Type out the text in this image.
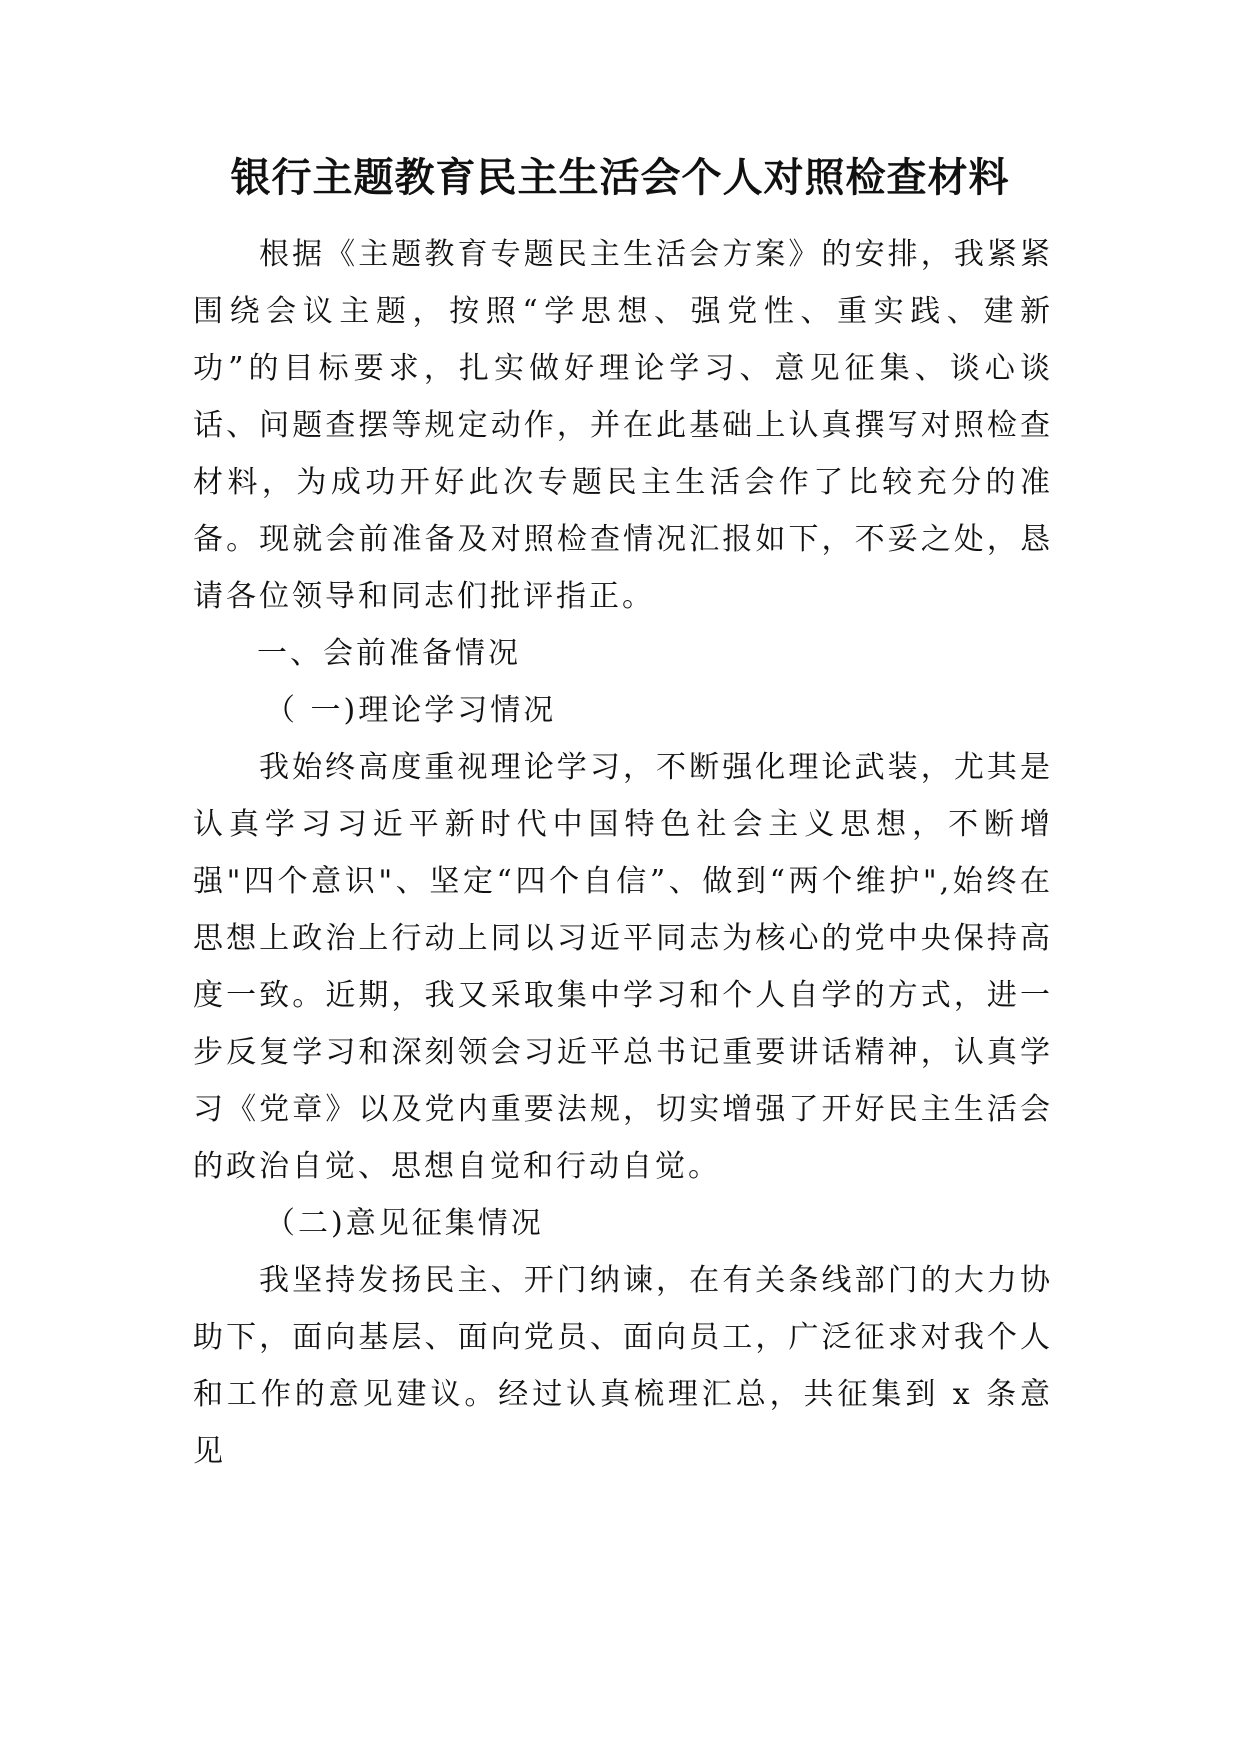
银行主题教育民主生活会个人对照检查材料

根据《主题教育专题民主生活会方案》的安排，我紧紧围绕会议主题，按照“学思想、强党性、重实践、建新功”的目标要求，扎实做好理论学习、意见征集、谈心谈话、问题查摆等规定动作，并在此基础上认真撰写对照检查材料，为成功开好此次专题民主生活会作了比较充分的准备。现就会前准备及对照检查情况汇报如下，不妥之处，恳请各位领导和同志们批评指正。

一、会前准备情况

（ 一)理论学习情况

我始终高度重视理论学习，不断强化理论武装，尤其是认真学习习近平新时代中国特色社会主义思想，不断增强"四个意识"、坚定“四个自信”、做到“两个维护",始终在思想上政治上行动上同以习近平同志为核心的党中央保持高度一致。近期，我又采取集中学习和个人自学的方式，进一步反复学习和深刻领会习近平总书记重要讲话精神，认真学习《党章》以及党内重要法规，切实增强了开好民主生活会的政治自觉、思想自觉和行动自觉。

（二)意见征集情况

我坚持发扬民主、开门纳谏，在有关条线部门的大力协助下，面向基层、面向党员、面向员工，广泛征求对我个人和工作的意见建议。经过认真梳理汇总，共征集到 x 条意见
